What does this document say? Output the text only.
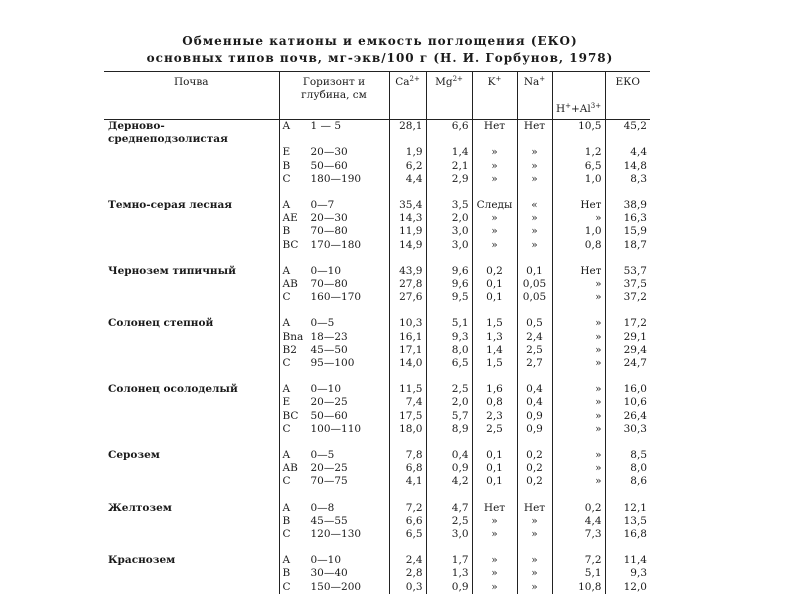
Обменные катионы и емкость поглощения (ЕКО)
основных типов почв, мг-экв/100 г (Н. И. Горбунов, 1978)
Почва	Горизонт и глубина, см	$Ca^{2+}$	$Mg^{2+}$	K+	Na+	$H^++Al^{3+}$	ЕКО
Дерново-среднеподзолистая	A 1 — 5	28,1	6,6	Нет	Нет	10,5	45,2
	E 20—30	1,9	1,4	»	»	1,2	4,4
	B 50—60	6,2	2,1	»	»	6,5	14,8
	C 180—190	4,4	2,9	»	»	1,0	8,3

Темно-серая лесная	A 0—7	35,4	3,5	Следы	«	Нет	38,9
	AE 20—30	14,3	2,0	»	»	»	16,3
	B 70—80	11,9	3,0	»	»	1,0	15,9
	BC 170—180	14,9	3,0	»	»	0,8	18,7

Чернозем типичный	A 0—10	43,9	9,6	0,2	0,1	Нет	53,7
	AB 70—80	27,8	9,6	0,1	0,05	»	37,5
	C 160—170	27,6	9,5	0,1	0,05	»	37,2

Солонец степной	A 0—5	10,3	5,1	1,5	0,5	»	17,2
	Bna 18—23	16,1	9,3	1,3	2,4	»	29,1
	B2 45—50	17,1	8,0	1,4	2,5	»	29,4
	C 95—100	14,0	6,5	1,5	2,7	»	24,7

Солонец осолоделый	A 0—10	11,5	2,5	1,6	0,4	»	16,0
	E 20—25	7,4	2,0	0,8	0,4	»	10,6
	BC 50—60	17,5	5,7	2,3	0,9	»	26,4
	C 100—110	18,0	8,9	2,5	0,9	»	30,3

Серозем	A 0—5	7,8	0,4	0,1	0,2	»	8,5
	AB 20—25	6,8	0,9	0,1	0,2	»	8,0
	C 70—75	4,1	4,2	0,1	0,2	»	8,6

Желтозем	A 0—8	7,2	4,7	Нет	Нет	0,2	12,1
	B 45—55	6,6	2,5	»	»	4,4	13,5
	C 120—130	6,5	3,0	»	»	7,3	16,8

Краснозем	A 0—10	2,4	1,7	»	»	7,2	11,4
	B 30—40	2,8	1,3	»	»	5,1	9,3
	C 150—200	0,3	0,9	»	»	10,8	12,0
